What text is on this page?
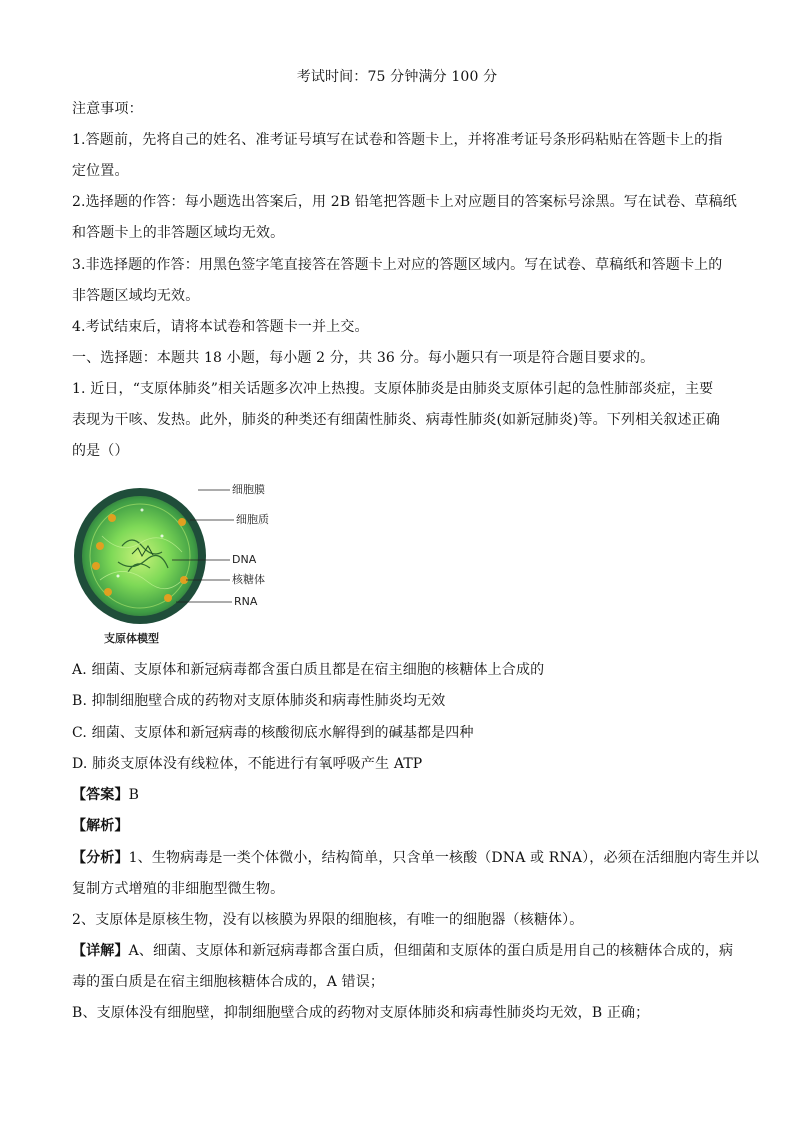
考试时间：75 分钟满分 100 分
注意事项：
1.答题前，先将自己的姓名、准考证号填写在试卷和答题卡上，并将准考证号条形码粘贴在答题卡上的指
定位置。
2.选择题的作答：每小题选出答案后，用 2B 铅笔把答题卡上对应题目的答案标号涂黑。写在试卷、草稿纸
和答题卡上的非答题区域均无效。
3.非选择题的作答：用黑色签字笔直接答在答题卡上对应的答题区域内。写在试卷、草稿纸和答题卡上的
非答题区域均无效。
4.考试结束后，请将本试卷和答题卡一并上交。
一、选择题：本题共 18 小题，每小题 2 分，共 36 分。每小题只有一项是符合题目要求的。
1. 近日，“支原体肺炎”相关话题多次冲上热搜。支原体肺炎是由肺炎支原体引起的急性肺部炎症，主要
表现为干咳、发热。此外，肺炎的种类还有细菌性肺炎、病毒性肺炎(如新冠肺炎)等。下列相关叙述正确
的是（）
细胞膜
细胞质
DNA
核糖体
RNA
支原体模型
A. 细菌、支原体和新冠病毒都含蛋白质且都是在宿主细胞的核糖体上合成的
B. 抑制细胞壁合成的药物对支原体肺炎和病毒性肺炎均无效
C. 细菌、支原体和新冠病毒的核酸彻底水解得到的碱基都是四种
D. 肺炎支原体没有线粒体，不能进行有氧呼吸产生 ATP
【答案】B
【解析】
【分析】1、生物病毒是一类个体微小，结构简单，只含单一核酸（DNA 或 RNA），必须在活细胞内寄生并以
复制方式增殖的非细胞型微生物。
2、支原体是原核生物，没有以核膜为界限的细胞核，有唯一的细胞器（核糖体）。
【详解】A、细菌、支原体和新冠病毒都含蛋白质，但细菌和支原体的蛋白质是用自己的核糖体合成的，病
毒的蛋白质是在宿主细胞核糖体合成的，A 错误；
B、支原体没有细胞壁，抑制细胞壁合成的药物对支原体肺炎和病毒性肺炎均无效，B 正确；
